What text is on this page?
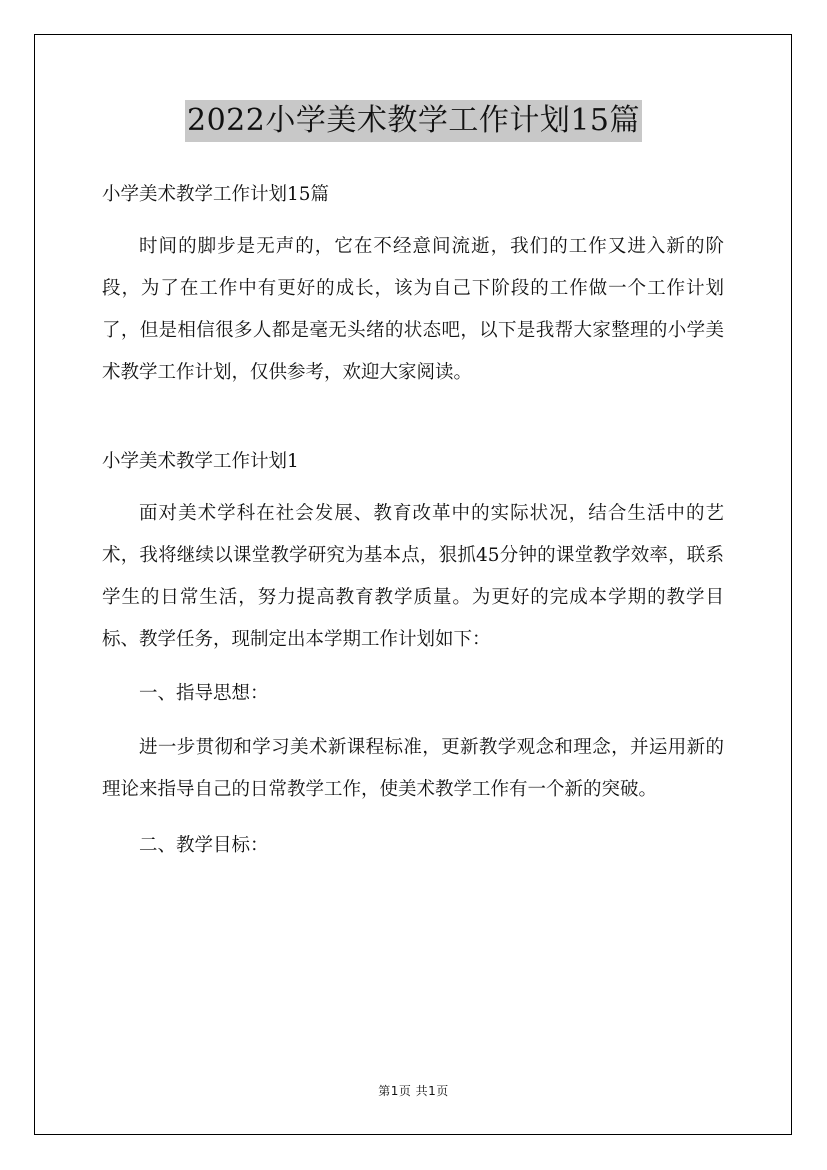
2022小学美术教学工作计划15篇

小学美术教学工作计划15篇

时间的脚步是无声的，它在不经意间流逝，我们的工作又进入新的阶段，为了在工作中有更好的成长，该为自己下阶段的工作做一个工作计划了，但是相信很多人都是毫无头绪的状态吧，以下是我帮大家整理的小学美术教学工作计划，仅供参考，欢迎大家阅读。

小学美术教学工作计划1

面对美术学科在社会发展、教育改革中的实际状况，结合生活中的艺术，我将继续以课堂教学研究为基本点，狠抓45分钟的课堂教学效率，联系学生的日常生活，努力提高教育教学质量。为更好的完成本学期的教学目标、教学任务，现制定出本学期工作计划如下：

一、指导思想：

进一步贯彻和学习美术新课程标准，更新教学观念和理念，并运用新的理论来指导自己的日常教学工作，使美术教学工作有一个新的突破。

二、教学目标：

第1页 共1页
